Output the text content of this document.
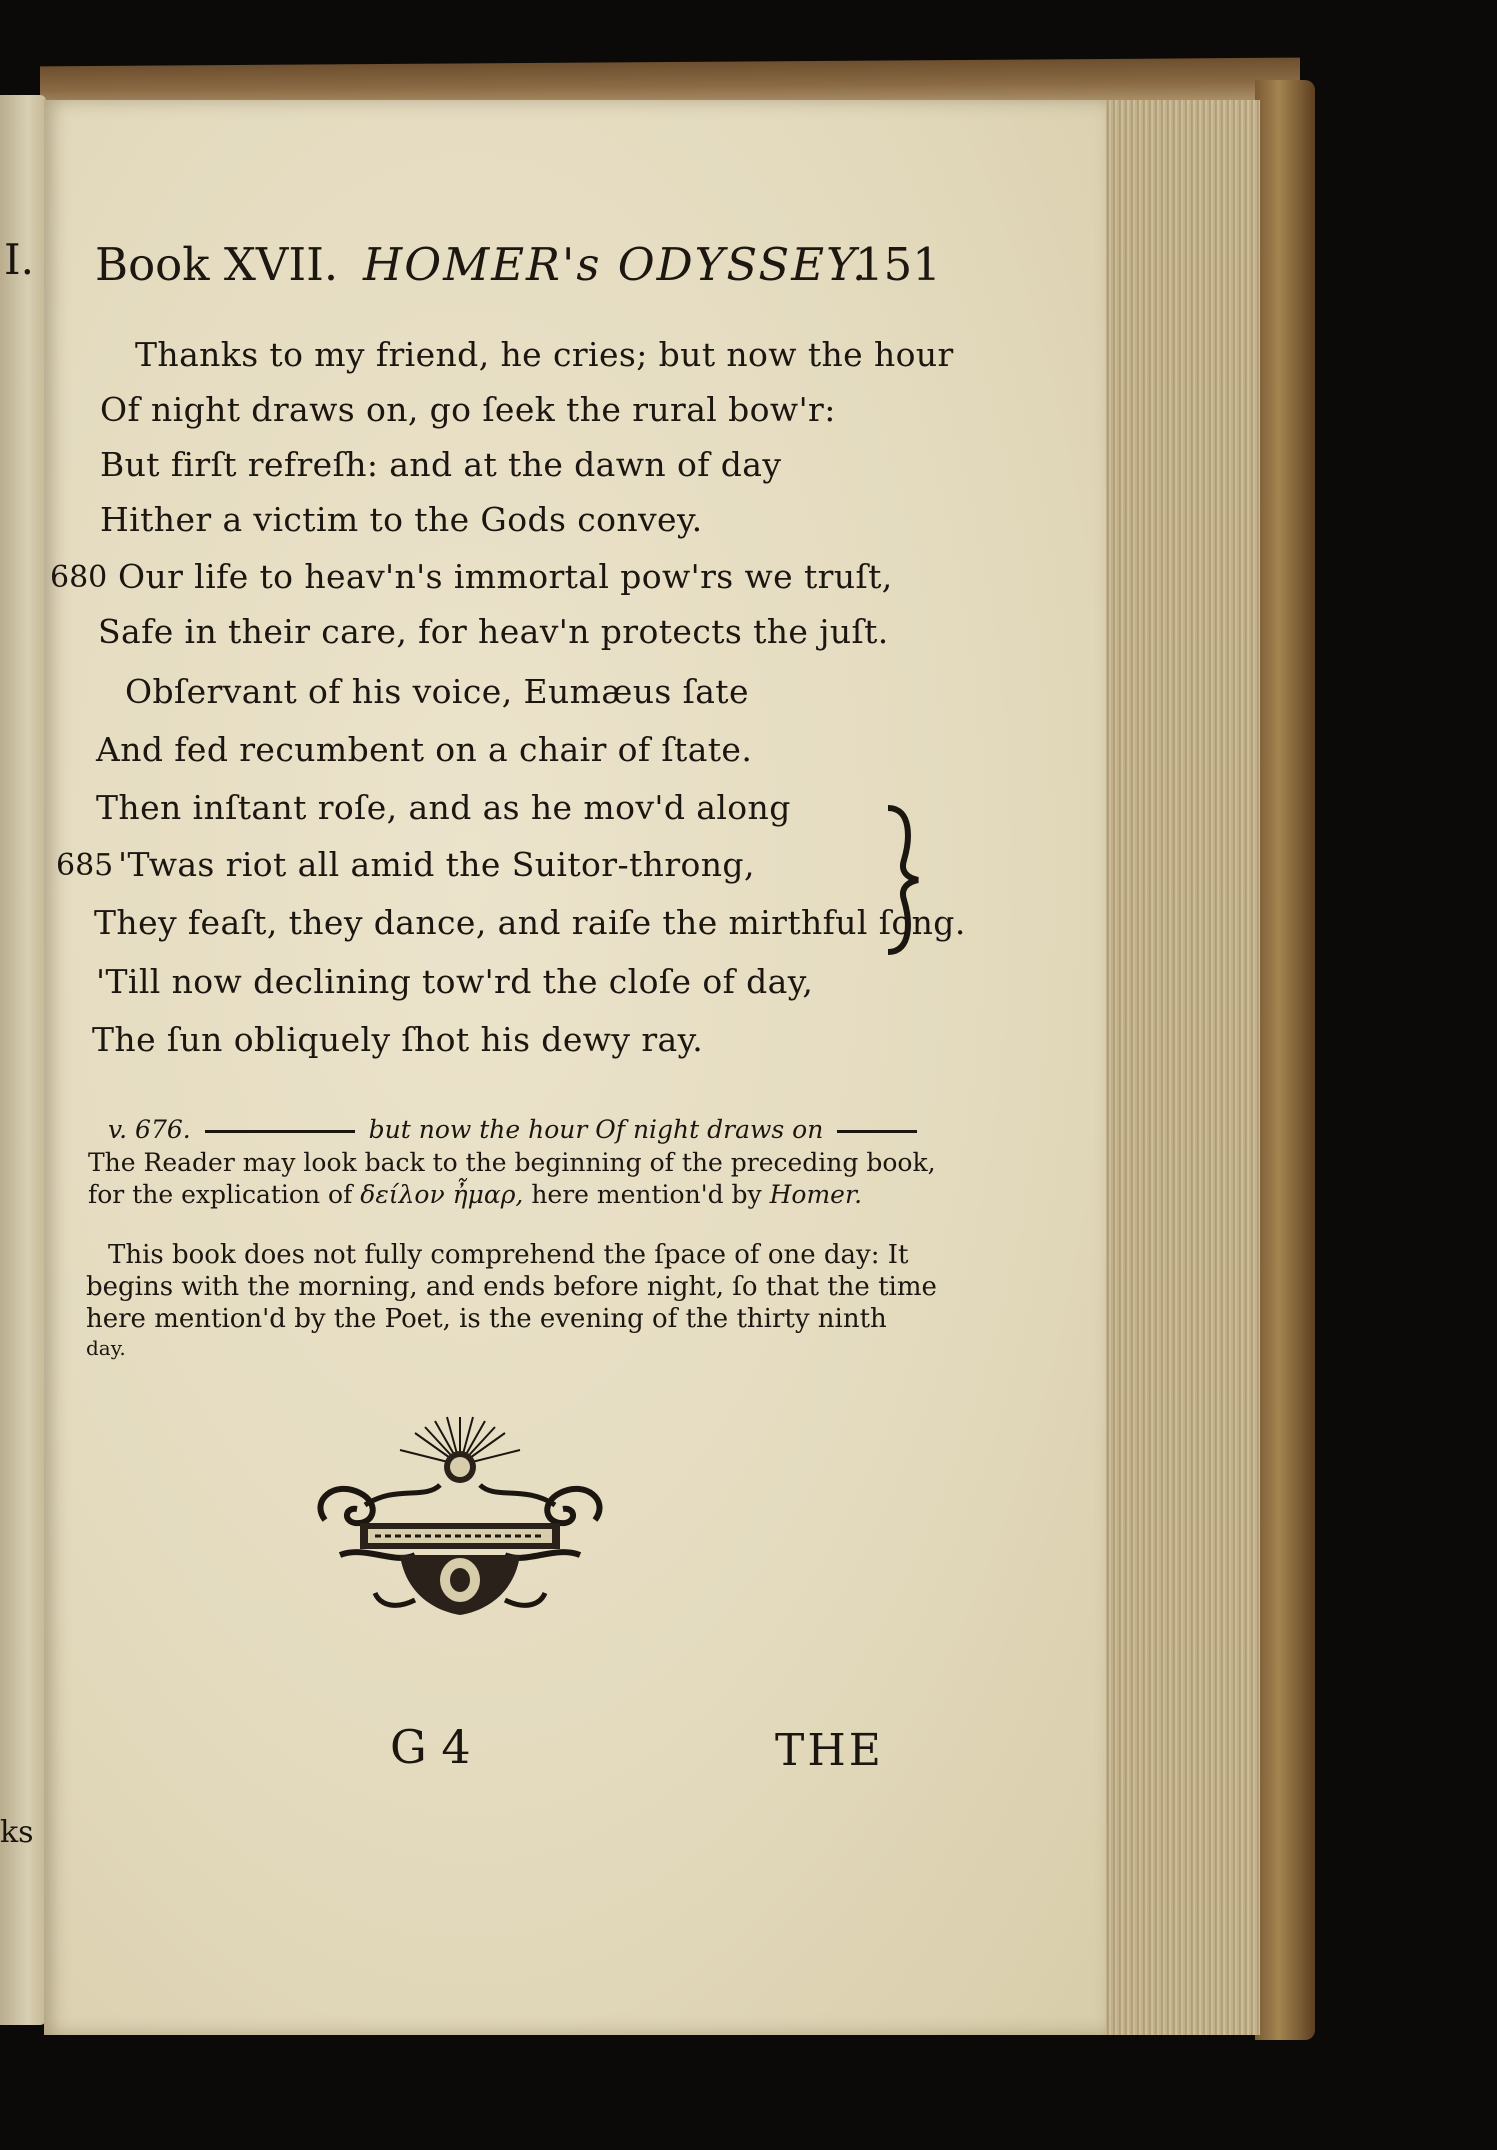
I.
ks
Book XVII. HOMER's ODYSSEY.
151
Thanks to my friend, he cries; but now the hour
Of night draws on, go ſeek the rural bow'r:
But firſt refreſh: and at the dawn of day
Hither a victim to the Gods convey.
680 Our life to heav'n's immortal pow'rs we truſt,
Safe in their care, for heav'n protects the juſt.
Obſervant of his voice, Eumæus ſate
And fed recumbent on a chair of ſtate.
Then inſtant roſe, and as he mov'd along
685 'Twas riot all amid the Suitor-throng,
They feaſt, they dance, and raiſe the mirthful ſong.
'Till now declining tow'rd the cloſe of day,
The ſun obliquely ſhot his dewy ray.
v. 676.	but now the hour Of night draws on
The Reader may look back to the beginning of the preceding book,
for the explication of δείλον ἦμαρ, here mention'd by Homer.
This book does not fully comprehend the ſpace of one day: It
begins with the morning, and ends before night, ſo that the time
here mention'd by the Poet, is the evening of the thirty ninth
day.
G 4	THE
